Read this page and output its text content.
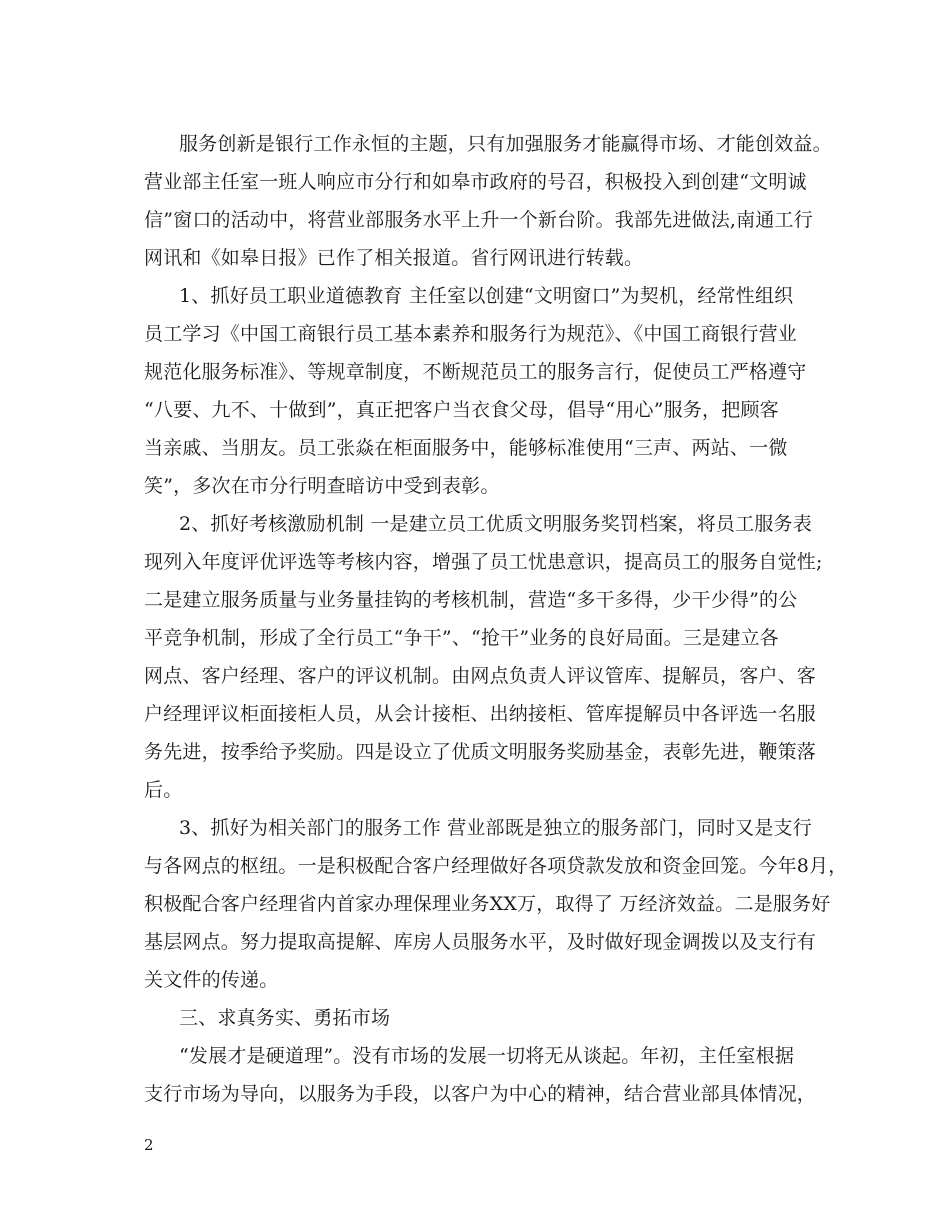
服务创新是银行工作永恒的主题，只有加强服务才能赢得市场、才能创效益。
营业部主任室一班人响应市分行和如皋市政府的号召，积极投入到创建“文明诚
信”窗口的活动中，将营业部服务水平上升一个新台阶。我部先进做法,南通工行
网讯和《如皋日报》已作了相关报道。省行网讯进行转载。
1、抓好员工职业道德教育 主任室以创建“文明窗口”为契机，经常性组织
员工学习《中国工商银行员工基本素养和服务行为规范》、《中国工商银行营业
规范化服务标准》、等规章制度，不断规范员工的服务言行，促使员工严格遵守
“八要、九不、十做到”，真正把客户当衣食父母，倡导“用心”服务，把顾客
当亲戚、当朋友。员工张焱在柜面服务中，能够标准使用“三声、两站、一微
笑”，多次在市分行明查暗访中受到表彰。
2、抓好考核激励机制 一是建立员工优质文明服务奖罚档案，将员工服务表
现列入年度评优评选等考核内容，增强了员工忧患意识，提高员工的服务自觉性;
二是建立服务质量与业务量挂钩的考核机制，营造“多干多得，少干少得”的公
平竞争机制，形成了全行员工“争干”、“抢干”业务的良好局面。三是建立各
网点、客户经理、客户的评议机制。由网点负责人评议管库、提解员，客户、客
户经理评议柜面接柜人员，从会计接柜、出纳接柜、管库提解员中各评选一名服
务先进，按季给予奖励。四是设立了优质文明服务奖励基金，表彰先进，鞭策落
后。
3、抓好为相关部门的服务工作 营业部既是独立的服务部门，同时又是支行
与各网点的枢纽。一是积极配合客户经理做好各项贷款发放和资金回笼。今年8月，
积极配合客户经理省内首家办理保理业务XX万，取得了 万经济效益。二是服务好
基层网点。努力提取高提解、库房人员服务水平，及时做好现金调拨以及支行有
关文件的传递。
三、求真务实、勇拓市场
“发展才是硬道理”。没有市场的发展一切将无从谈起。年初，主任室根据
支行市场为导向，以服务为手段，以客户为中心的精神，结合营业部具体情况，
2
